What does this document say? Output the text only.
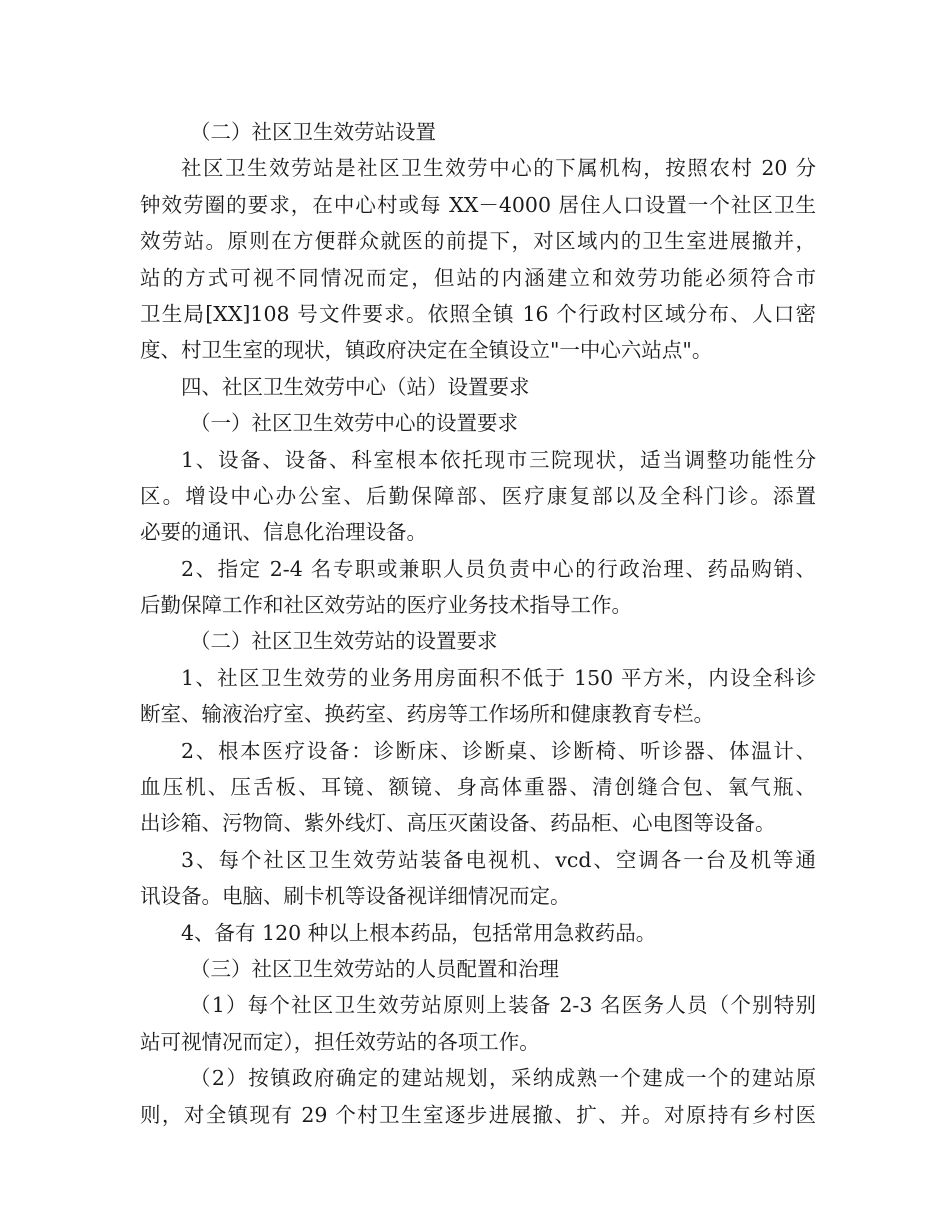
（二）社区卫生效劳站设置
社区卫生效劳站是社区卫生效劳中心的下属机构，按照农村 20 分
钟效劳圈的要求，在中心村或每 XX－4000 居住人口设置一个社区卫生
效劳站。原则在方便群众就医的前提下，对区域内的卫生室进展撤并，
站的方式可视不同情况而定，但站的内涵建立和效劳功能必须符合市
卫生局[XX]108 号文件要求。依照全镇 16 个行政村区域分布、人口密
度、村卫生室的现状，镇政府决定在全镇设立"一中心六站点"。
四、社区卫生效劳中心（站）设置要求
（一）社区卫生效劳中心的设置要求
1、设备、设备、科室根本依托现市三院现状，适当调整功能性分
区。增设中心办公室、后勤保障部、医疗康复部以及全科门诊。添置
必要的通讯、信息化治理设备。
2、指定 2-4 名专职或兼职人员负责中心的行政治理、药品购销、
后勤保障工作和社区效劳站的医疗业务技术指导工作。
（二）社区卫生效劳站的设置要求
1、社区卫生效劳的业务用房面积不低于 150 平方米，内设全科诊
断室、输液治疗室、换药室、药房等工作场所和健康教育专栏。
2、根本医疗设备：诊断床、诊断桌、诊断椅、听诊器、体温计、
血压机、压舌板、耳镜、额镜、身高体重器、清创缝合包、氧气瓶、
出诊箱、污物筒、紫外线灯、高压灭菌设备、药品柜、心电图等设备。
3、每个社区卫生效劳站装备电视机、vcd、空调各一台及机等通
讯设备。电脑、刷卡机等设备视详细情况而定。
4、备有 120 种以上根本药品，包括常用急救药品。
（三）社区卫生效劳站的人员配置和治理
（1）每个社区卫生效劳站原则上装备 2-3 名医务人员（个别特别
站可视情况而定），担任效劳站的各项工作。
（2）按镇政府确定的建站规划，采纳成熟一个建成一个的建站原
则，对全镇现有 29 个村卫生室逐步进展撤、扩、并。对原持有乡村医
